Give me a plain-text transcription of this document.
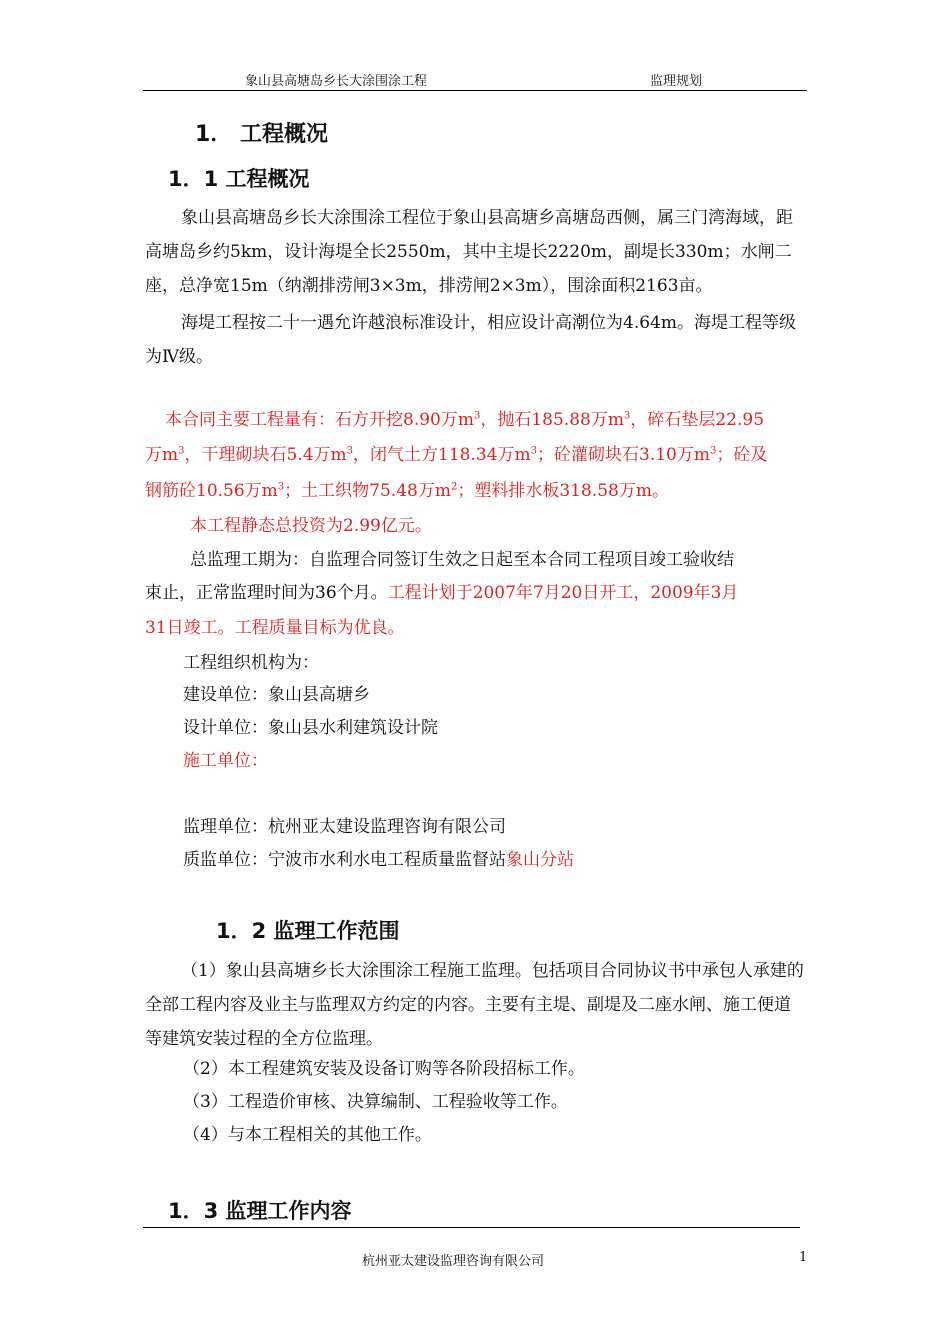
象山县高塘岛乡长大涂围涂工程	监理规划
1． 工程概况
1．1 工程概况
象山县高塘岛乡长大涂围涂工程位于象山县高塘乡高塘岛西侧，属三门湾海域，距高塘岛乡约5km，设计海堤全长2550m，其中主堤长2220m，副堤长330m；水闸二座，总净宽15m（纳潮排涝闸3×3m，排涝闸2×3m），围涂面积2163亩。
海堤工程按二十一遇允许越浪标准设计，相应设计高潮位为4.64m。海堤工程等级为Ⅳ级。
本合同主要工程量有：石方开挖8.90万$m^3$，抛石185.88万$m^3$，碎石垫层22.95
万$m^3$，干理砌块石5.4万$m^3$，闭气土方118.34万$m^3$；砼灌砌块石3.10万$m^3$；砼及
钢筋砼10.56万$m^3$；土工织物75.48万$m^2$；塑料排水板318.58万m。
本工程静态总投资为2.99亿元。
总监理工期为：自监理合同签订生效之日起至本合同工程项目竣工验收结
束止，正常监理时间为36个月。工程计划于2007年7月20日开工，2009年3月
31日竣工。工程质量目标为优良。
工程组织机构为：
建设单位：象山县高塘乡
设计单位：象山县水利建筑设计院
施工单位：
监理单位：杭州亚太建设监理咨询有限公司
质监单位：宁波市水利水电工程质量监督站象山分站
1．2 监理工作范围
（1）象山县高塘乡长大涂围涂工程施工监理。包括项目合同协议书中承包人承建的全部工程内容及业主与监理双方约定的内容。主要有主堤、副堤及二座水闸、施工便道等建筑安装过程的全方位监理。
（2）本工程建筑安装及设备订购等各阶段招标工作。
（3）工程造价审核、决算编制、工程验收等工作。
（4）与本工程相关的其他工作。
1．3 监理工作内容
杭州亚太建设监理咨询有限公司	1
